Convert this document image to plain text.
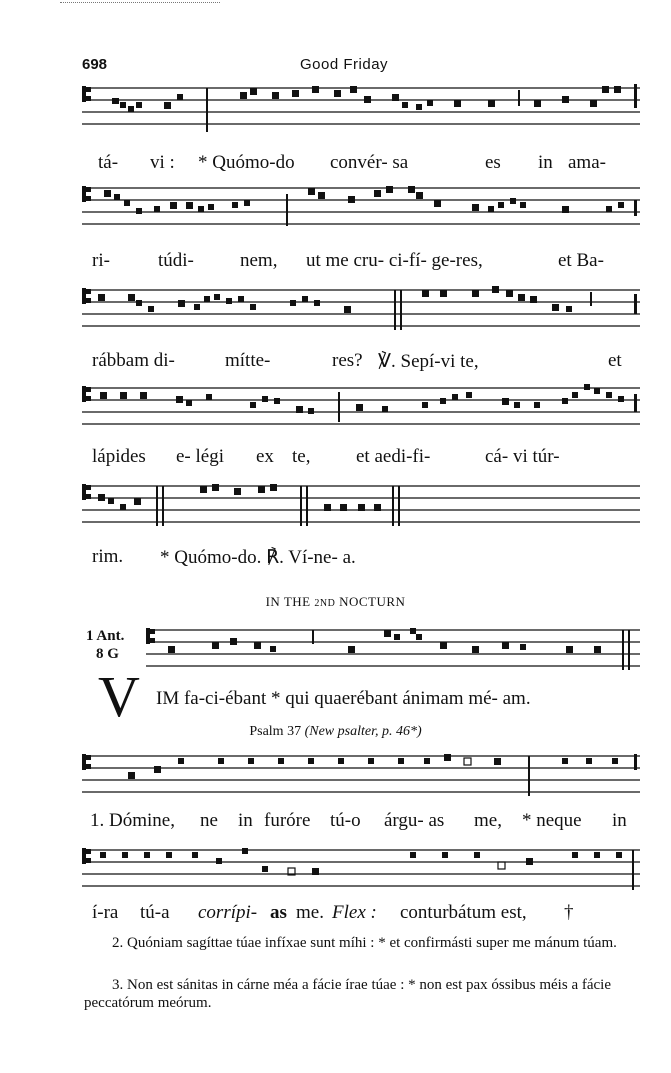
698	Good Friday
tá- vi : * Quómo-do convér- sa	es in ama-
ri-	túdi- nem, ut me cru- ci-fí- ge-res,	et Ba-
rábbam di-	mítte-	res? ℣. Sepí-vi te,	et
lápides e- légi ex te, et aedi-fi-	cá- vi túr-
rim. * Quómo-do. ℟. Ví-ne- a.
IN THE 2ND NOCTURN
1 Ant.
8 G
V IM fa-ci-ébant * qui quaerébant ánimam mé- am.
Psalm 37 (New psalter, p. 46*)
1. Dómine, ne in furóre tú-o árgu- as me, * neque in
í-ra tú-a corrípi- as me. Flex : conturbátum est, †
2. Quóniam sagíttae túae infíxae sunt míhi : * et confirmásti super me mánum túam.
3. Non est sánitas in cárne méa a fácie írae túae : * non est pax óssibus méis a fácie peccatórum meórum.
